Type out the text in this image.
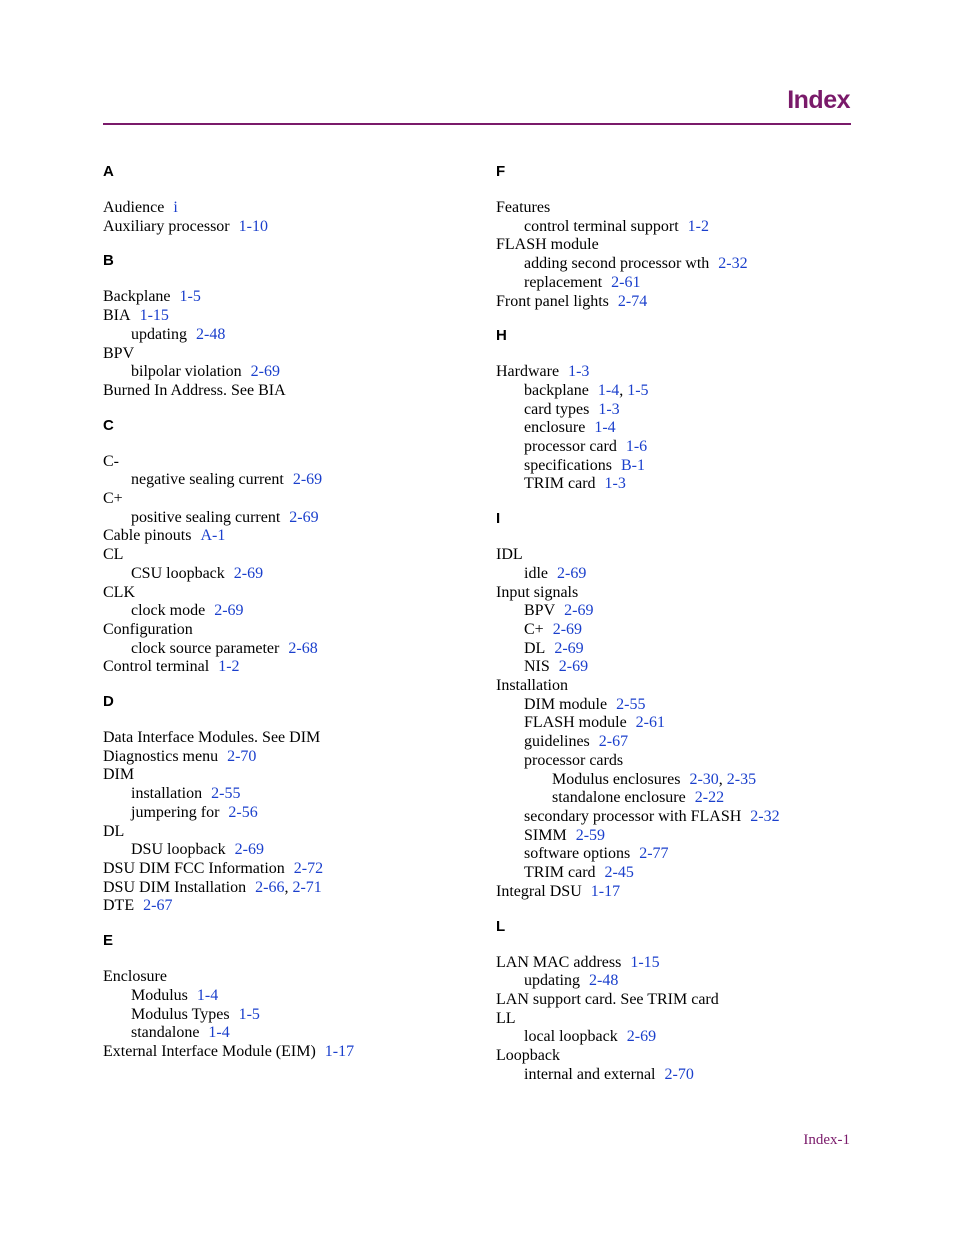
Index
A
Audience i
Auxiliary processor 1-10
B
Backplane 1-5
BIA 1-15
updating 2-48
BPV
bilpolar violation 2-69
Burned In Address. See BIA
C
C-
negative sealing current 2-69
C+
positive sealing current 2-69
Cable pinouts A-1
CL
CSU loopback 2-69
CLK
clock mode 2-69
Configuration
clock source parameter 2-68
Control terminal 1-2
D
Data Interface Modules. See DIM
Diagnostics menu 2-70
DIM
installation 2-55
jumpering for 2-56
DL
DSU loopback 2-69
DSU DIM FCC Information 2-72
DSU DIM Installation 2-66, 2-71
DTE 2-67
E
Enclosure
Modulus 1-4
Modulus Types 1-5
standalone 1-4
External Interface Module (EIM) 1-17
F
Features
control terminal support 1-2
FLASH module
adding second processor wth 2-32
replacement 2-61
Front panel lights 2-74
H
Hardware 1-3
backplane 1-4, 1-5
card types 1-3
enclosure 1-4
processor card 1-6
specifications B-1
TRIM card 1-3
I
IDL
idle 2-69
Input signals
BPV 2-69
C+ 2-69
DL 2-69
NIS 2-69
Installation
DIM module 2-55
FLASH module 2-61
guidelines 2-67
processor cards
Modulus enclosures 2-30, 2-35
standalone enclosure 2-22
secondary processor with FLASH 2-32
SIMM 2-59
software options 2-77
TRIM card 2-45
Integral DSU 1-17
L
LAN MAC address 1-15
updating 2-48
LAN support card. See TRIM card
LL
local loopback 2-69
Loopback
internal and external 2-70
Index-1
